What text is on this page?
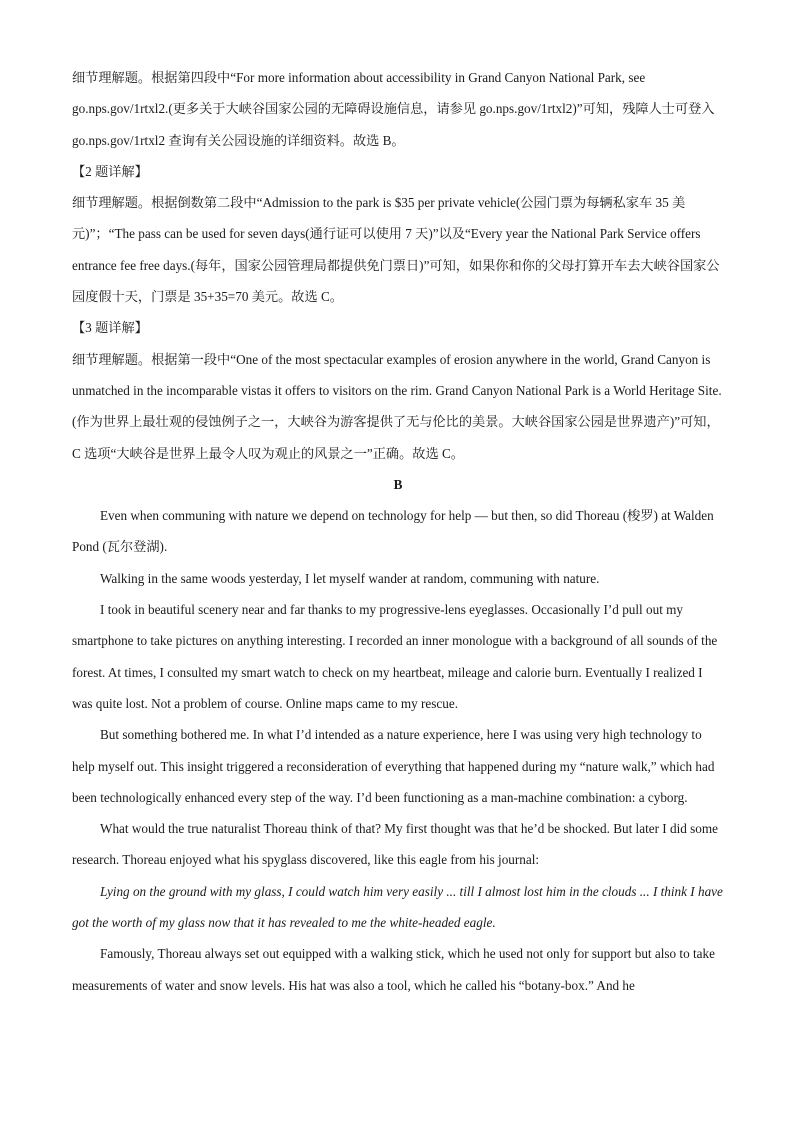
细节理解题。根据第四段中“For more information about accessibility in Grand Canyon National Park, see go.nps.gov/1rtxl2.(更多关于大峡谷国家公园的无障碍设施信息，请参见 go.nps.gov/1rtxl2)”可知，残障人士可登入 go.nps.gov/1rtxl2 查询有关公园设施的详细资料。故选 B。

【2 题详解】

细节理解题。根据倒数第二段中“Admission to the park is $35 per private vehicle(公园门票为每辆私家车 35 美元)”；“The pass can be used for seven days(通行证可以使用 7 天)”以及“Every year the National Park Service offers entrance fee free days.(每年，国家公园管理局都提供免门票日)”可知，如果你和你的父母打算开车去大峡谷国家公园度假十天，门票是 35+35=70 美元。故选 C。

【3 题详解】

细节理解题。根据第一段中“One of the most spectacular examples of erosion anywhere in the world, Grand Canyon is unmatched in the incomparable vistas it offers to visitors on the rim. Grand Canyon National Park is a World Heritage Site.(作为世界上最壮观的侵蚀例子之一，大峡谷为游客提供了无与伦比的美景。大峡谷国家公园是世界遗产)”可知，C 选项“大峡谷是世界上最令人叹为观止的风景之一”正确。故选 C。

B

Even when communing with nature we depend on technology for help — but then, so did Thoreau (梭罗) at Walden Pond (瓦尔登湖).

Walking in the same woods yesterday, I let myself wander at random, communing with nature.

I took in beautiful scenery near and far thanks to my progressive-lens eyeglasses. Occasionally I’d pull out my smartphone to take pictures on anything interesting. I recorded an inner monologue with a background of all sounds of the forest. At times, I consulted my smart watch to check on my heartbeat, mileage and calorie burn. Eventually I realized I was quite lost. Not a problem of course. Online maps came to my rescue.

But something bothered me. In what I’d intended as a nature experience, here I was using very high technology to help myself out. This insight triggered a reconsideration of everything that happened during my “nature walk,” which had been technologically enhanced every step of the way. I’d been functioning as a man-machine combination: a cyborg.

What would the true naturalist Thoreau think of that? My first thought was that he’d be shocked. But later I did some research. Thoreau enjoyed what his spyglass discovered, like this eagle from his journal:

Lying on the ground with my glass, I could watch him very easily ... till I almost lost him in the clouds ... I think I have got the worth of my glass now that it has revealed to me the white-headed eagle.

Famously, Thoreau always set out equipped with a walking stick, which he used not only for support but also to take measurements of water and snow levels. His hat was also a tool, which he called his “botany-box.” And he
